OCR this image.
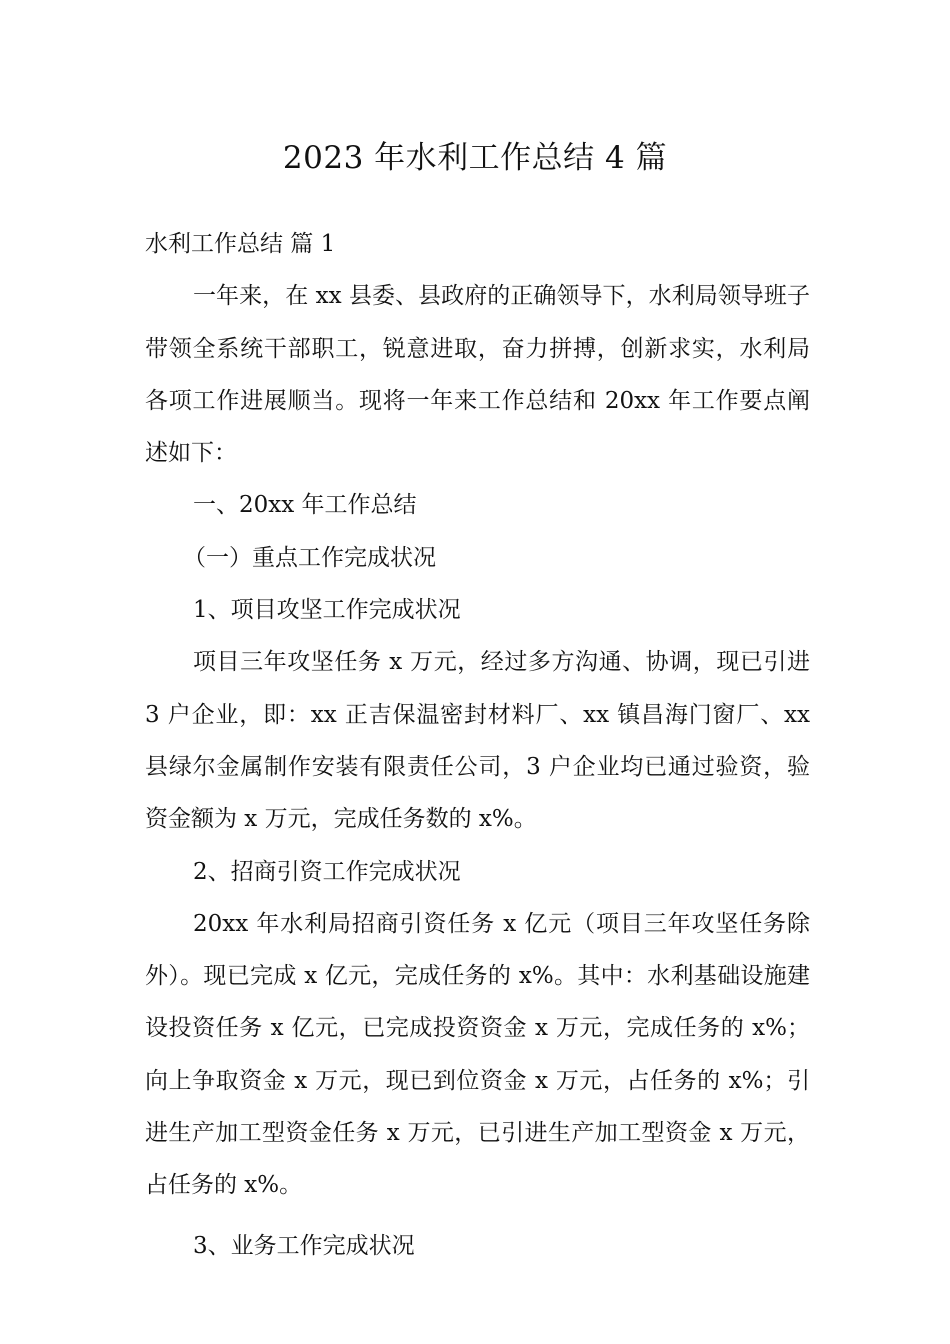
2023 年水利工作总结 4 篇

水利工作总结 篇 1

一年来，在 xx 县委、县政府的正确领导下，水利局领导班子带领全系统干部职工，锐意进取，奋力拼搏，创新求实，水利局各项工作进展顺当。现将一年来工作总结和 20xx 年工作要点阐述如下：

一、20xx 年工作总结

（一）重点工作完成状况

1、项目攻坚工作完成状况

项目三年攻坚任务 x 万元，经过多方沟通、协调，现已引进 3 户企业，即：xx 正吉保温密封材料厂、xx 镇昌海门窗厂、xx 县绿尔金属制作安装有限责任公司，3 户企业均已通过验资，验资金额为 x 万元，完成任务数的 x%。

2、招商引资工作完成状况

20xx 年水利局招商引资任务 x 亿元（项目三年攻坚任务除外）。现已完成 x 亿元，完成任务的 x%。其中：水利基础设施建设投资任务 x 亿元，已完成投资资金 x 万元，完成任务的 x%；向上争取资金 x 万元，现已到位资金 x 万元，占任务的 x%；引进生产加工型资金任务 x 万元，已引进生产加工型资金 x 万元，占任务的 x%。

3、业务工作完成状况
